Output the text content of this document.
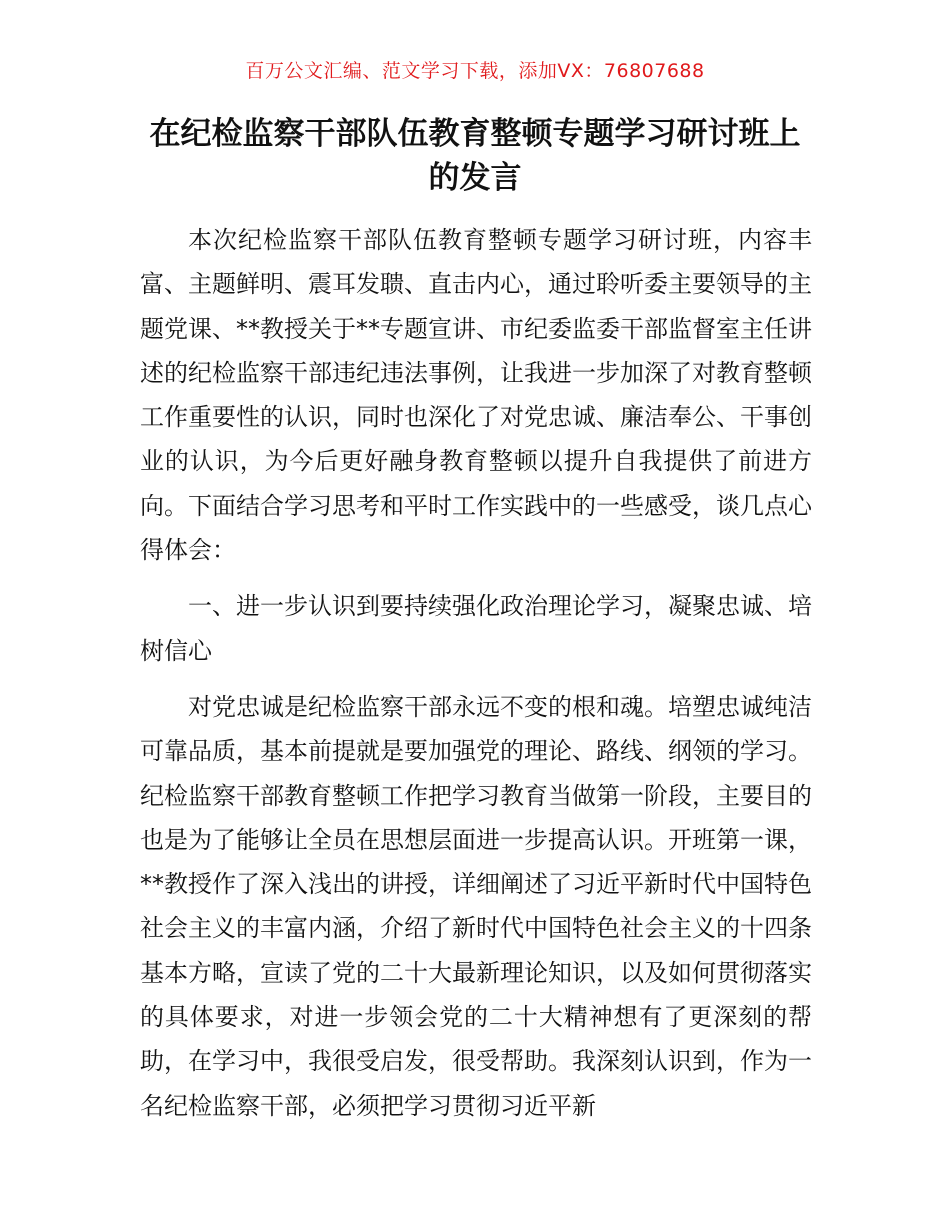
百万公文汇编、范文学习下载，添加VX：76807688
在纪检监察干部队伍教育整顿专题学习研讨班上的发言

本次纪检监察干部队伍教育整顿专题学习研讨班，内容丰富、主题鲜明、震耳发聩、直击内心，通过聆听委主要领导的主题党课、**教授关于**专题宣讲、市纪委监委干部监督室主任讲述的纪检监察干部违纪违法事例，让我进一步加深了对教育整顿工作重要性的认识，同时也深化了对党忠诚、廉洁奉公、干事创业的认识，为今后更好融身教育整顿以提升自我提供了前进方向。下面结合学习思考和平时工作实践中的一些感受，谈几点心得体会：

一、进一步认识到要持续强化政治理论学习，凝聚忠诚、培树信心

对党忠诚是纪检监察干部永远不变的根和魂。培塑忠诚纯洁可靠品质，基本前提就是要加强党的理论、路线、纲领的学习。纪检监察干部教育整顿工作把学习教育当做第一阶段，主要目的也是为了能够让全员在思想层面进一步提高认识。开班第一课，**教授作了深入浅出的讲授，详细阐述了习近平新时代中国特色社会主义的丰富内涵，介绍了新时代中国特色社会主义的十四条基本方略，宣读了党的二十大最新理论知识，以及如何贯彻落实的具体要求，对进一步领会党的二十大精神想有了更深刻的帮助，在学习中，我很受启发，很受帮助。我深刻认识到，作为一名纪检监察干部，必须把学习贯彻习近平新
